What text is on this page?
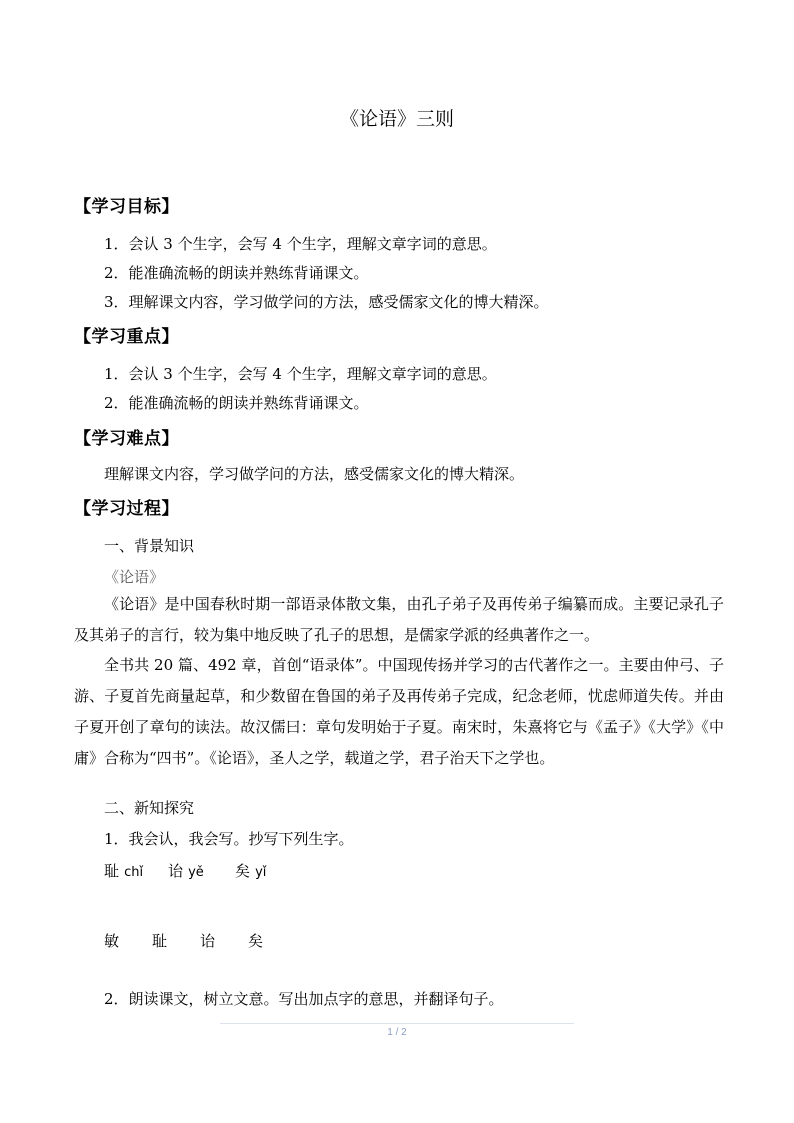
《论语》三则
【学习目标】
1．会认 3 个生字，会写 4 个生字，理解文章字词的意思。
2．能准确流畅的朗读并熟练背诵课文。
3．理解课文内容，学习做学问的方法，感受儒家文化的博大精深。
【学习重点】
1．会认 3 个生字，会写 4 个生字，理解文章字词的意思。
2．能准确流畅的朗读并熟练背诵课文。
【学习难点】
理解课文内容，学习做学问的方法，感受儒家文化的博大精深。
【学习过程】
一、背景知识
《论语》
《论语》是中国春秋时期一部语录体散文集，由孔子弟子及再传弟子编纂而成。主要记录孔子及其弟子的言行，较为集中地反映了孔子的思想，是儒家学派的经典著作之一。
全书共 20 篇、492 章，首创“语录体”。中国现传扬并学习的古代著作之一。主要由仲弓、子游、子夏首先商量起草，和少数留在鲁国的弟子及再传弟子完成，纪念老师，忧虑师道失传。并由子夏开创了章句的读法。故汉儒曰：章句发明始于子夏。南宋时，朱熹将它与《孟子》《大学》《中庸》合称为“四书”。《论语》，圣人之学，载道之学，君子治天下之学也。
二、新知探究
1．我会认，我会写。抄写下列生字。
耻 chǐ 诒 yě 矣 yǐ
敏 耻 诒 矣
2．朗读课文，树立文意。写出加点字的意思，并翻译句子。
1 / 2
